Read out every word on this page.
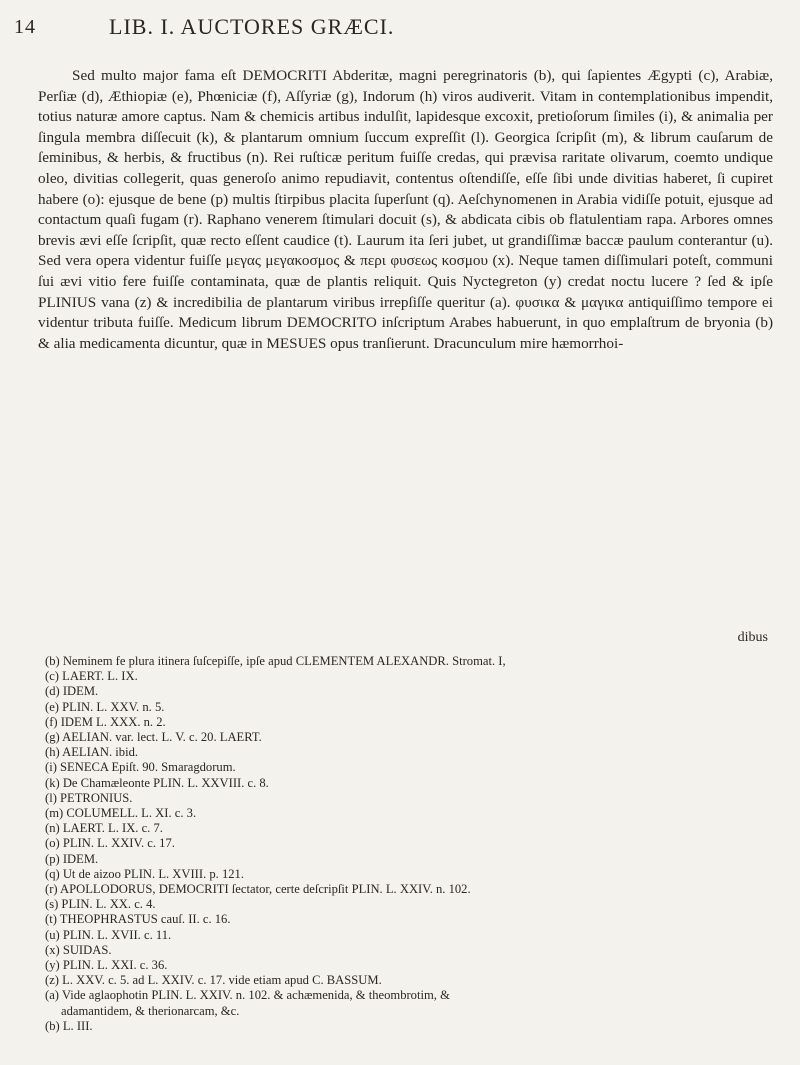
14	LIB. I. AUCTORES GRÆCI.

Sed multo major fama eſt DEMOCRITI Abderitæ, magni peregrinatoris (b), qui ſapientes Ægypti (c), Arabiæ, Perſiæ (d), Æthiopiæ (e), Phœniciæ (f), Aſſyriæ (g), Indorum (h) viros audiverit. Vitam in contemplationibus impendit, totius naturæ amore captus. Nam & chemicis artibus indulſit, lapidesque excoxit, pretioſorum ſimiles (i), & animalia per ſingula membra diſſecuit (k), & plantarum omnium ſuccum expreſſit (l). Georgica ſcripſit (m), & librum cauſarum de ſeminibus, & herbis, & fructibus (n). Rei ruſticæ peritum fuiſſe credas, qui prævisa raritate olivarum, coemto undique oleo, divitias collegerit, quas generoſo animo repudiavit, contentus oſtendiſſe, eſſe ſibi unde divitias haberet, ſi cupiret habere (o): ejusque de bene (p) multis ſtirpibus placita ſuperſunt (q). Aeſchynomenen in Arabia vidiſſe potuit, ejusque ad contactum quaſi fugam (r). Raphano venerem ſtimulari docuit (s), & abdicata cibis ob flatulentiam rapa. Arbores omnes brevis ævi eſſe ſcripſit, quæ recto eſſent caudice (t). Laurum ita ſeri jubet, ut grandiſſimæ baccæ paulum conterantur (u). Sed vera opera videntur fuiſſe μεγας μεγακοσμος & περι φυσεως κοσμου (x). Neque tamen diſſimulari poteſt, communi ſui ævi vitio fere fuiſſe contaminata, quæ de plantis reliquit. Quis Nyctegreton (y) credat noctu lucere ? ſed & ipſe PLINIUS vana (z) & incredibilia de plantarum viribus irrepſiſſe queritur (a). φυσικα & μαγικα antiquiſſimo tempore ei videntur tributa fuiſſe. Medicum librum DEMOCRITO inſcriptum Arabes habuerunt, in quo emplaſtrum de bryonia (b) & alia medicamenta dicuntur, quæ in MESUES opus tranſierunt. Dracunculum mire hæmorrhoi-

dibus
(b) Neminem fe plura itinera ſuſcepiſſe, ipſe apud CLEMENTEM ALEXANDR. Stromat. I,
(c) LAERT. L. IX.
(d) IDEM.
(e) PLIN. L. XXV. n. 5.
(f) IDEM L. XXX. n. 2.
(g) AELIAN. var. lect. L. V. c. 20. LAERT.
(h) AELIAN. ibid.
(i) SENECA Epiſt. 90. Smaragdorum.
(k) De Chamæleonte PLIN. L. XXVIII. c. 8.
(l) PETRONIUS.
(m) COLUMELL. L. XI. c. 3.
(n) LAERT. L. IX. c. 7.
(o) PLIN. L. XXIV. c. 17.
(p) IDEM.
(q) Ut de aizoo PLIN. L. XVIII. p. 121.
(r) APOLLODORUS, DEMOCRITI ſectator, certe deſcripſit PLIN. L. XXIV. n. 102.
(s) PLIN. L. XX. c. 4.
(t) THEOPHRASTUS cauſ. II. c. 16.
(u) PLIN. L. XVII. c. 11.
(x) SUIDAS.
(y) PLIN. L. XXI. c. 36.
(z) L. XXV. c. 5. ad L. XXIV. c. 17. vide etiam apud C. BASSUM.
(a) Vide aglaophotin PLIN. L. XXIV. n. 102. & achæmenida, & theombrotim, &
adamantidem, & therionarcam, &c.
(b) L. III.
